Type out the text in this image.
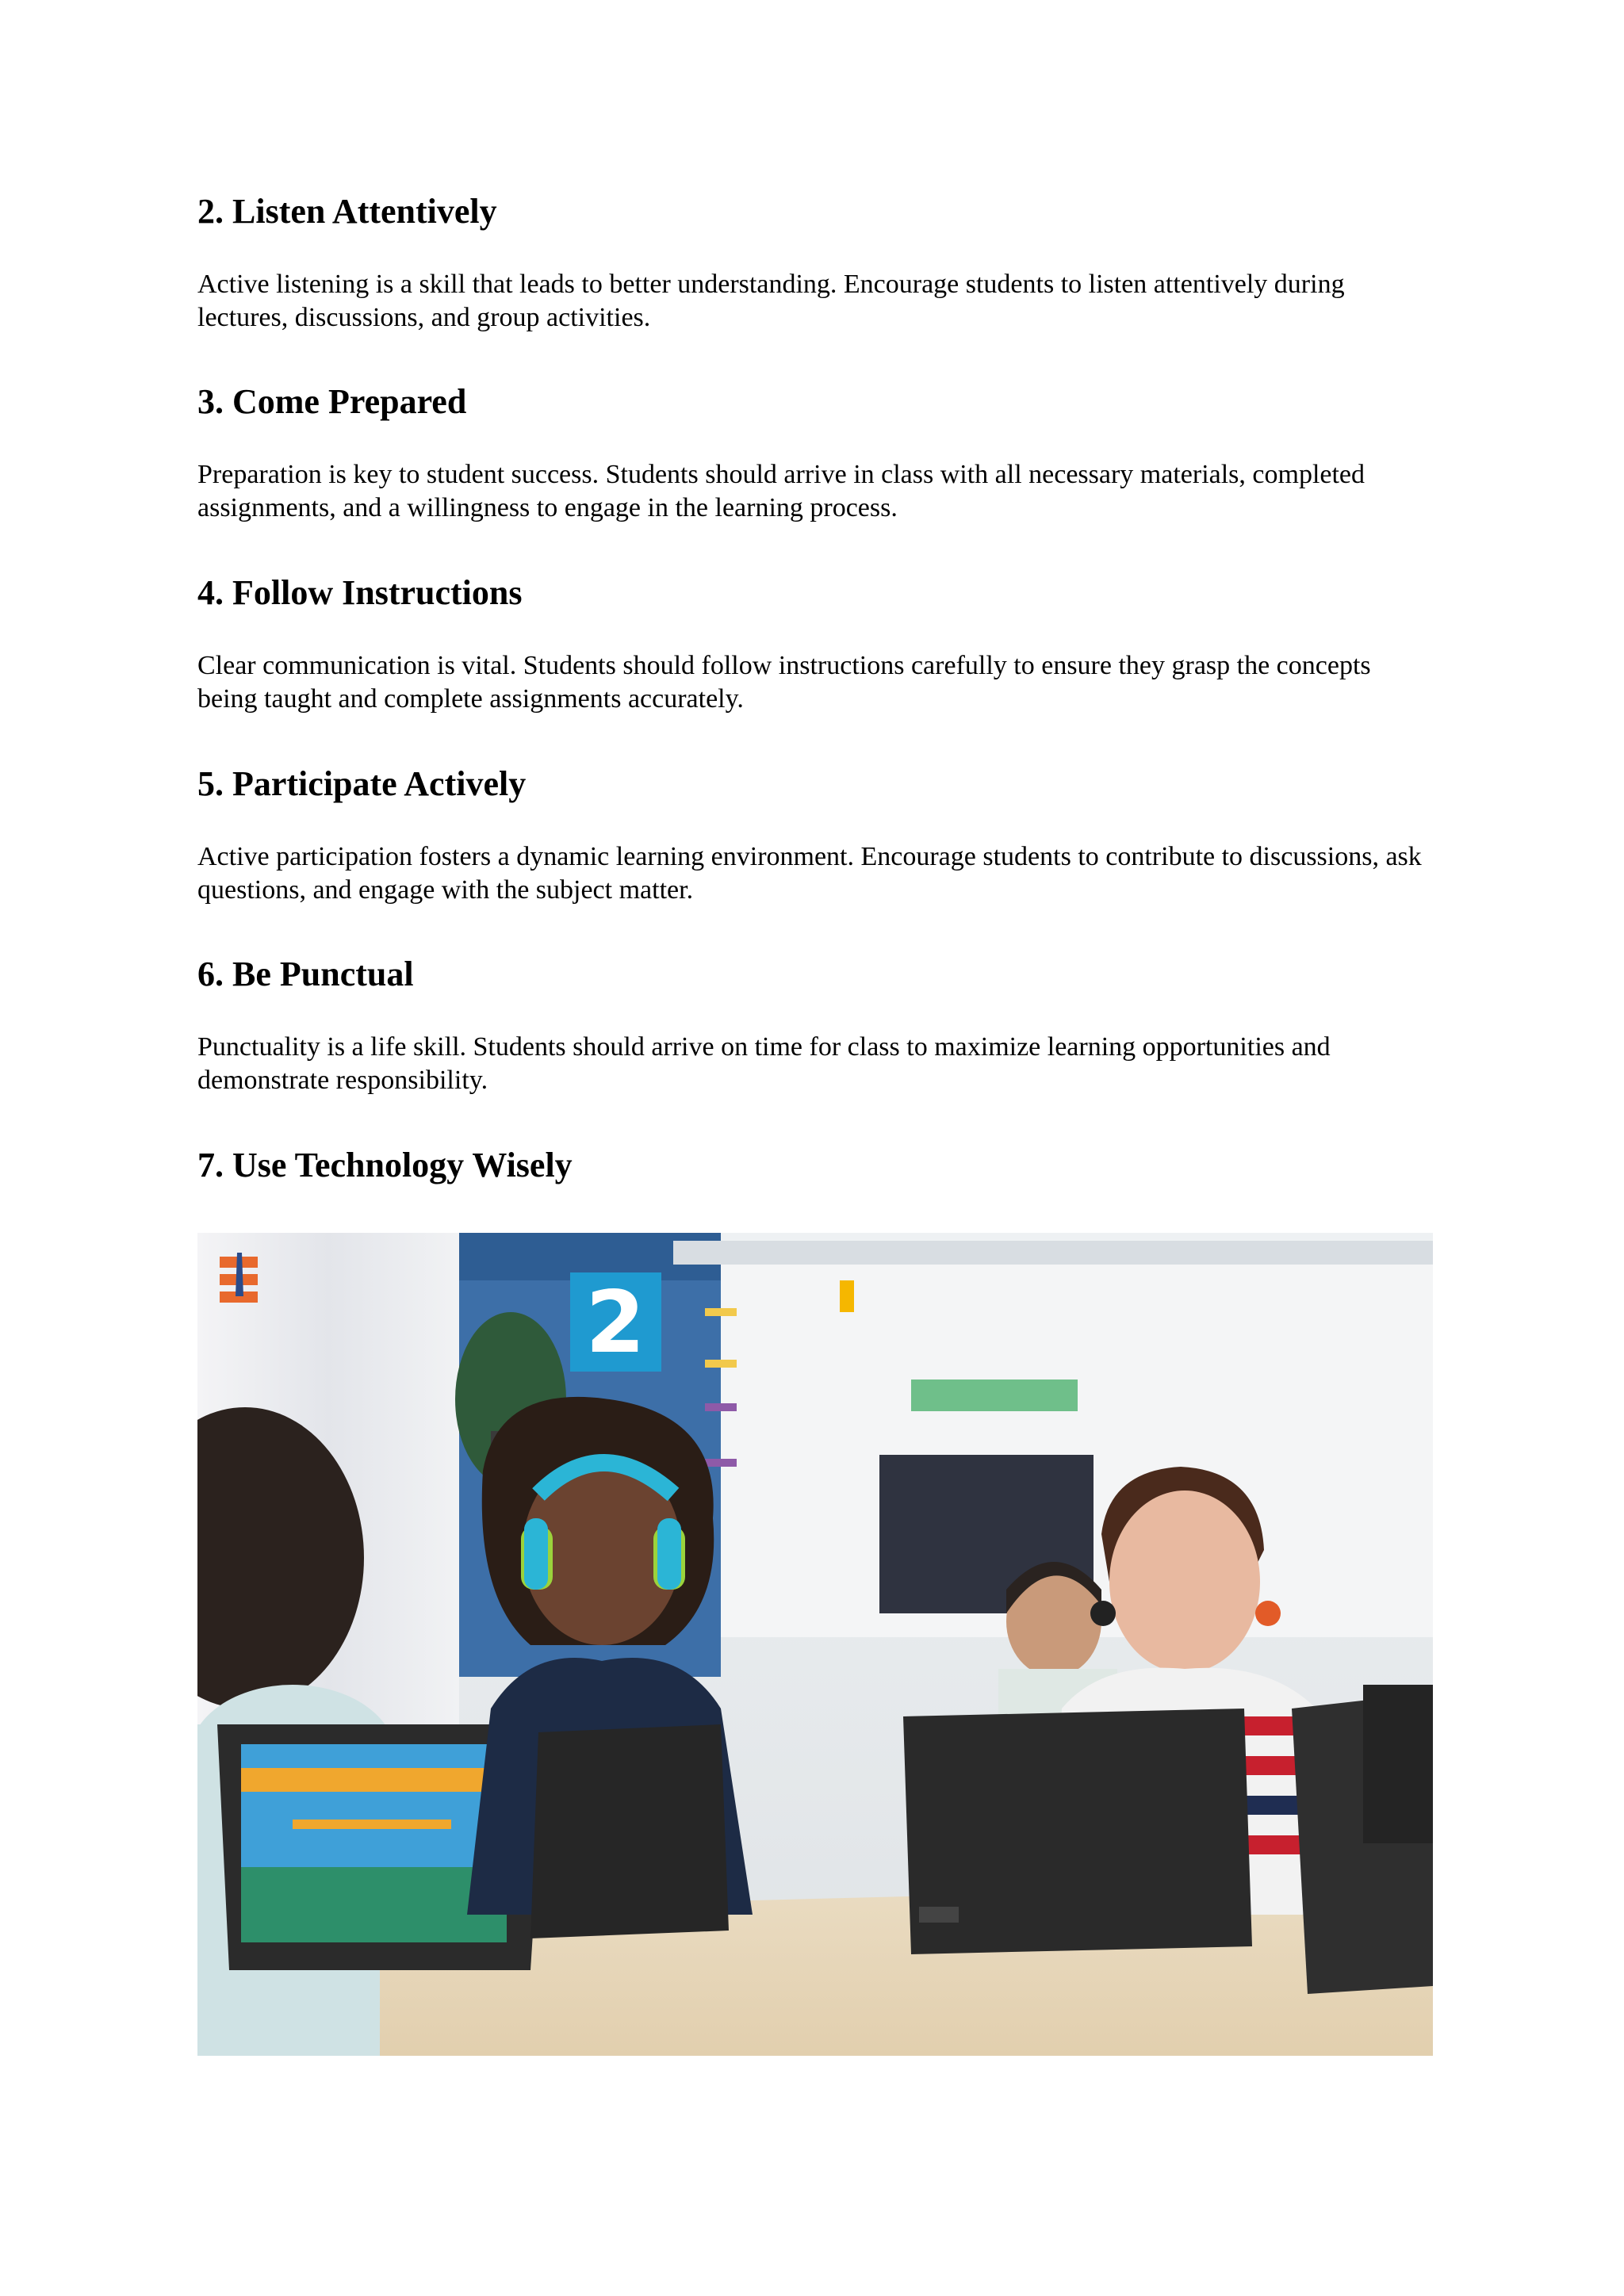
2. Listen Attentively

Active listening is a skill that leads to better understanding. Encourage students to listen attentively during lectures, discussions, and group activities.

3. Come Prepared

Preparation is key to student success. Students should arrive in class with all necessary materials, completed assignments, and a willingness to engage in the learning process.

4. Follow Instructions

Clear communication is vital. Students should follow instructions carefully to ensure they grasp the concepts being taught and complete assignments accurately.

5. Participate Actively

Active participation fosters a dynamic learning environment. Encourage students to contribute to discussions, ask questions, and engage with the subject matter.

6. Be Punctual

Punctuality is a life skill. Students should arrive on time for class to maximize learning opportunities and demonstrate responsibility.

7. Use Technology Wisely
2
